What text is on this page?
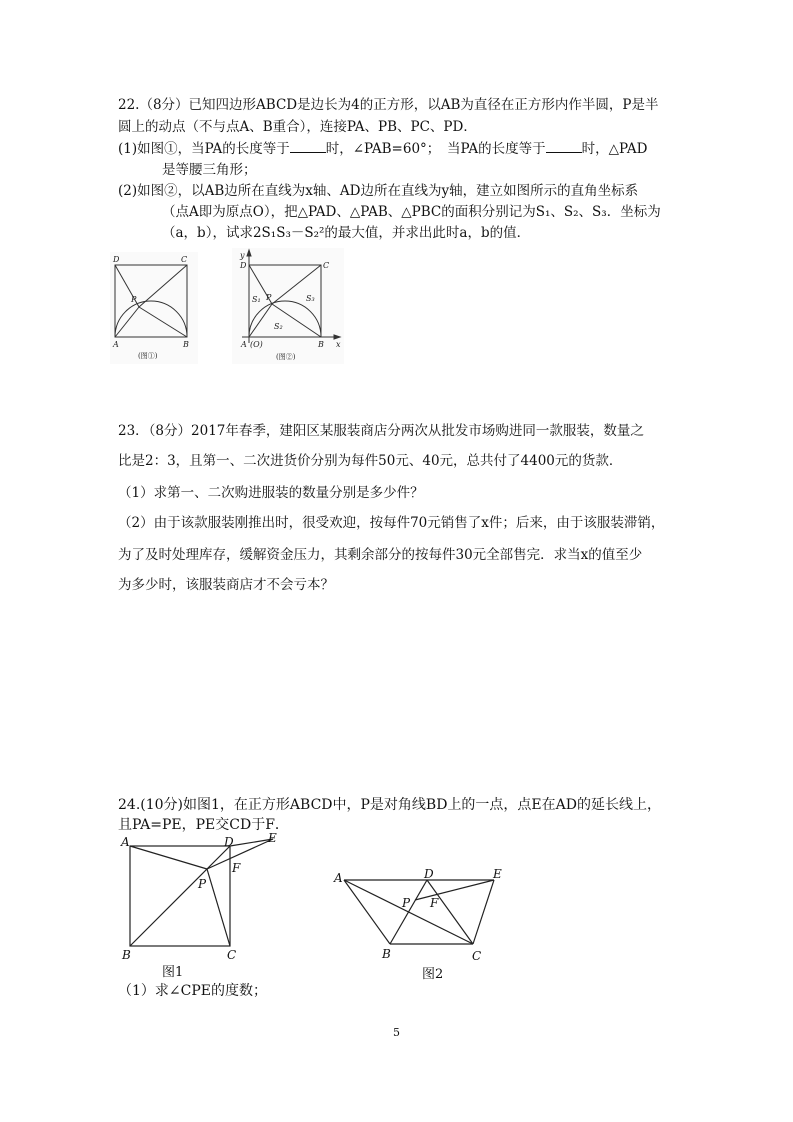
22.（8分）已知四边形ABCD是边长为4的正方形，以AB为直径在正方形内作半圆，P是半
圆上的动点（不与点A、B重合），连接PA、PB、PC、PD．
(1)如图①，当PA的长度等于	时，∠PAB=60°；　当PA的长度等于	时，△PAD
是等腰三角形；
(2)如图②，以AB边所在直线为x轴、AD边所在直线为y轴，建立如图所示的直角坐标系
（点A即为原点O），把△PAD、△PAB、△PBC的面积分别记为S₁、S₂、S₃．坐标为
（a，b），试求2S₁S₃－S₂²的最大值，并求出此时a，b的值．
D	C
P
A	B
(图①)
y
D	C
S₁ P	S₃
S₂
A (O)	B x
(图②)
23．（8分）2017年春季，建阳区某服装商店分两次从批发市场购进同一款服装，数量之
比是2：3，且第一、二次进货价分别为每件50元、40元，总共付了4400元的货款．
（1）求第一、二次购进服装的数量分别是多少件？
（2）由于该款服装刚推出时，很受欢迎，按每件70元销售了x件；后来，由于该服装滞销，
为了及时处理库存，缓解资金压力，其剩余部分的按每件30元全部售完．求当x的值至少
为多少时，该服装商店才不会亏本？
24.(10分)如图1，在正方形ABCD中，P是对角线BD上的一点，点E在AD的延长线上，
且PA=PE，PE交CD于F．
A	D	E
F
P
B	C
图1
A	D	E
P F
B	C
图2
（1）求∠CPE的度数；
5
